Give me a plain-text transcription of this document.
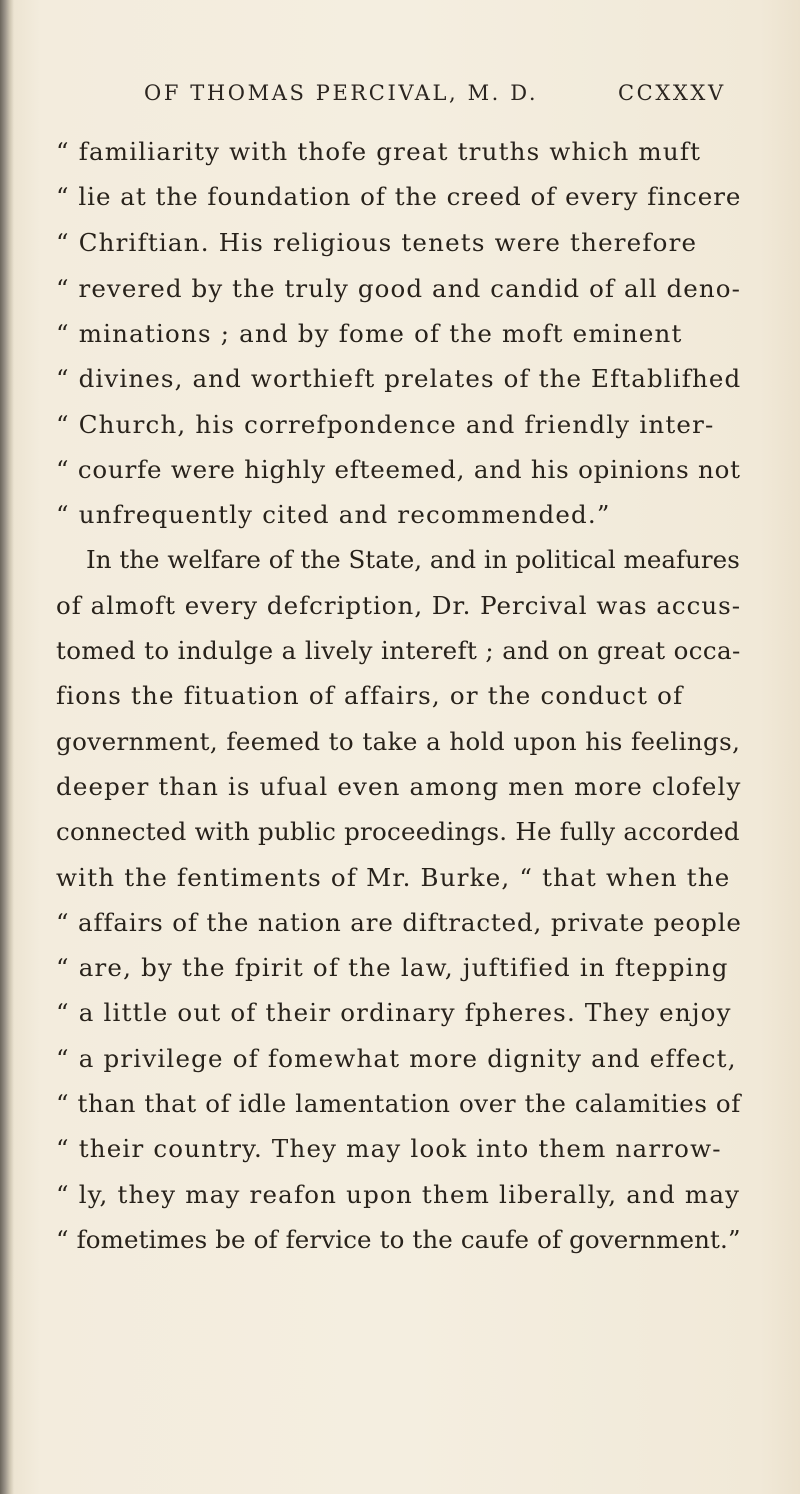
OF THOMAS PERCIVAL, M. D.	CCXXXV
“ familiarity with thofe great truths which muft
“ lie at the foundation of the creed of every fincere
“ Chriftian. His religious tenets were therefore
“ revered by the truly good and candid of all deno-
“ minations ; and by fome of the moft eminent
“ divines, and worthieft prelates of the Eftablifhed
“ Church, his correfpondence and friendly inter-
“ courfe were highly efteemed, and his opinions not
“ unfrequently cited and recommended.”
In the welfare of the State, and in political meafures
of almoft every defcription, Dr. Percival was accus-
tomed to indulge a lively intereft ; and on great occa-
fions the fituation of affairs, or the conduct of
government, feemed to take a hold upon his feelings,
deeper than is ufual even among men more clofely
connected with public proceedings. He fully accorded
with the fentiments of Mr. Burke, “ that when the
“ affairs of the nation are diftracted, private people
“ are, by the fpirit of the law, juftified in ftepping
“ a little out of their ordinary fpheres. They enjoy
“ a privilege of fomewhat more dignity and effect,
“ than that of idle lamentation over the calamities of
“ their country. They may look into them narrow-
“ ly, they may reafon upon them liberally, and may
“ fometimes be of fervice to the caufe of government.”
